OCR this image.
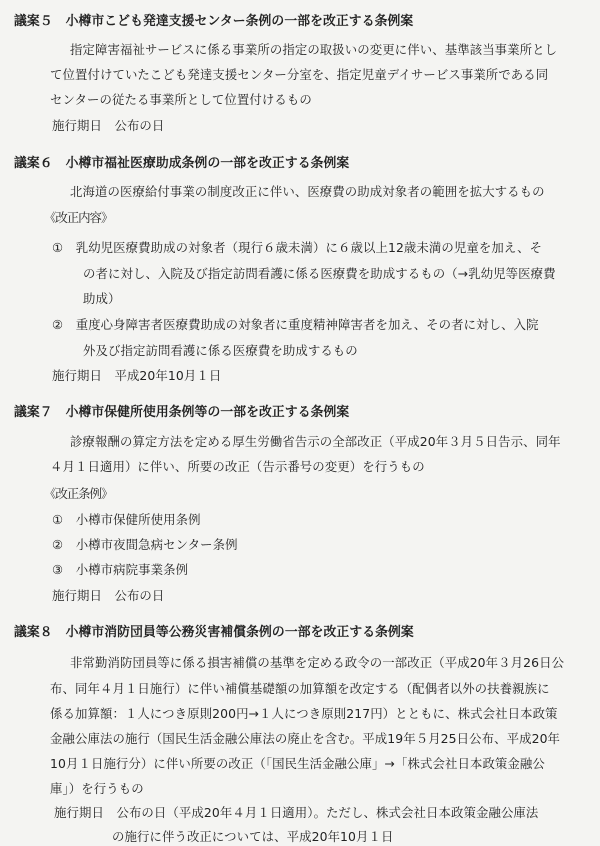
議案５　小樽市こども発達支援センター条例の一部を改正する条例案
指定障害福祉サービスに係る事業所の指定の取扱いの変更に伴い、基準該当事業所とし
て位置付けていたこども発達支援センター分室を、指定児童デイサービス事業所である同
センターの従たる事業所として位置付けるもの
施行期日　公布の日
議案６　小樽市福祉医療助成条例の一部を改正する条例案
北海道の医療給付事業の制度改正に伴い、医療費の助成対象者の範囲を拡大するもの
《改正内容》
①　乳幼児医療費助成の対象者（現行６歳未満）に６歳以上12歳未満の児童を加え、そ
の者に対し、入院及び指定訪問看護に係る医療費を助成するもの（→乳幼児等医療費
助成）
②　重度心身障害者医療費助成の対象者に重度精神障害者を加え、その者に対し、入院
外及び指定訪問看護に係る医療費を助成するもの
施行期日　平成20年10月１日
議案７　小樽市保健所使用条例等の一部を改正する条例案
診療報酬の算定方法を定める厚生労働省告示の全部改正（平成20年３月５日告示、同年
４月１日適用）に伴い、所要の改正（告示番号の変更）を行うもの
《改正条例》
①　小樽市保健所使用条例
②　小樽市夜間急病センター条例
③　小樽市病院事業条例
施行期日　公布の日
議案８　小樽市消防団員等公務災害補償条例の一部を改正する条例案
非常勤消防団員等に係る損害補償の基準を定める政令の一部改正（平成20年３月26日公
布、同年４月１日施行）に伴い補償基礎額の加算額を改定する（配偶者以外の扶養親族に
係る加算額：１人につき原則200円→１人につき原則217円）とともに、株式会社日本政策
金融公庫法の施行（国民生活金融公庫法の廃止を含む。平成19年５月25日公布、平成20年
10月１日施行分）に伴い所要の改正（「国民生活金融公庫」→「株式会社日本政策金融公
庫」）を行うもの
施行期日　公布の日（平成20年４月１日適用）。ただし、株式会社日本政策金融公庫法
の施行に伴う改正については、平成20年10月１日
